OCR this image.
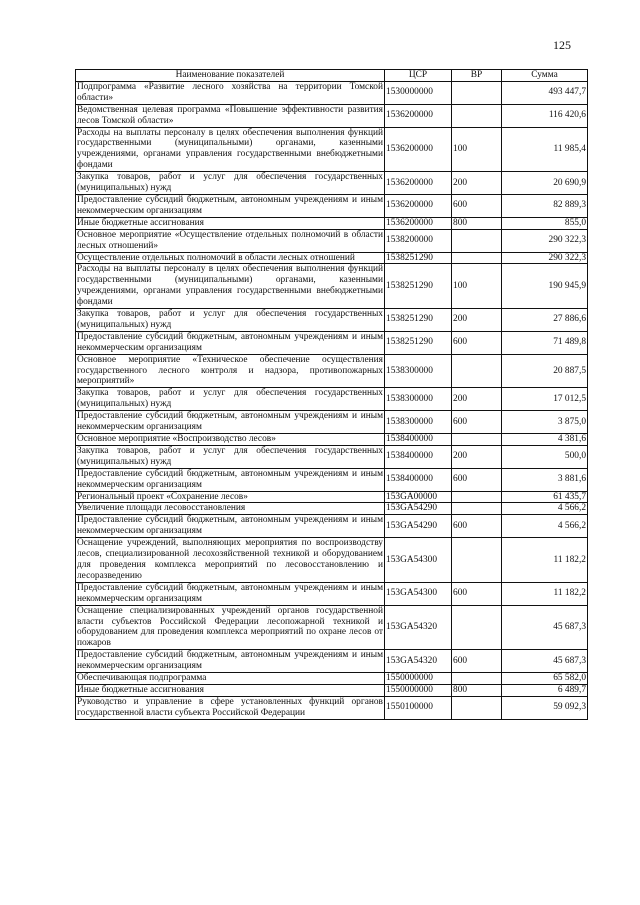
125
Наименование показателей	ЦСР	ВР	Сумма
Подпрограмма «Развитие лесного хозяйства на территории Томской области»	1530000000		493 447,7
Ведомственная целевая программа «Повышение эффективности развития лесов Томской области»	1536200000		116 420,6
Расходы на выплаты персоналу в целях обеспечения выполнения функций государственными (муниципальными) органами, казенными учреждениями, органами управления государственными внебюджетными фондами	1536200000	100	11 985,4
Закупка товаров, работ и услуг для обеспечения государственных (муниципальных) нужд	1536200000	200	20 690,9
Предоставление субсидий бюджетным, автономным учреждениям и иным некоммерческим организациям	1536200000	600	82 889,3
Иные бюджетные ассигнования	1536200000	800	855,0
Основное мероприятие «Осуществление отдельных полномочий в области лесных отношений»	1538200000		290 322,3
Осуществление отдельных полномочий в области лесных отношений	1538251290		290 322,3
Расходы на выплаты персоналу в целях обеспечения выполнения функций государственными (муниципальными) органами, казенными учреждениями, органами управления государственными внебюджетными фондами	1538251290	100	190 945,9
Закупка товаров, работ и услуг для обеспечения государственных (муниципальных) нужд	1538251290	200	27 886,6
Предоставление субсидий бюджетным, автономным учреждениям и иным некоммерческим организациям	1538251290	600	71 489,8
Основное мероприятие «Техническое обеспечение осуществления государственного лесного контроля и надзора, противопожарных мероприятий»	1538300000		20 887,5
Закупка товаров, работ и услуг для обеспечения государственных (муниципальных) нужд	1538300000	200	17 012,5
Предоставление субсидий бюджетным, автономным учреждениям и иным некоммерческим организациям	1538300000	600	3 875,0
Основное мероприятие «Воспроизводство лесов»	1538400000		4 381,6
Закупка товаров, работ и услуг для обеспечения государственных (муниципальных) нужд	1538400000	200	500,0
Предоставление субсидий бюджетным, автономным учреждениям и иным некоммерческим организациям	1538400000	600	3 881,6
Региональный проект «Сохранение лесов»	153GA00000		61 435,7
Увеличение площади лесовосстановления	153GA54290		4 566,2
Предоставление субсидий бюджетным, автономным учреждениям и иным некоммерческим организациям	153GA54290	600	4 566,2
Оснащение учреждений, выполняющих мероприятия по воспроизводству лесов, специализированной лесохозяйственной техникой и оборудованием для проведения комплекса мероприятий по лесовосстановлению и лесоразведению	153GA54300		11 182,2
Предоставление субсидий бюджетным, автономным учреждениям и иным некоммерческим организациям	153GA54300	600	11 182,2
Оснащение специализированных учреждений органов государственной власти субъектов Российской Федерации лесопожарной техникой и оборудованием для проведения комплекса мероприятий по охране лесов от пожаров	153GA54320		45 687,3
Предоставление субсидий бюджетным, автономным учреждениям и иным некоммерческим организациям	153GA54320	600	45 687,3
Обеспечивающая подпрограмма	1550000000		65 582,0
Иные бюджетные ассигнования	1550000000	800	6 489,7
Руководство и управление в сфере установленных функций органов государственной власти субъекта Российской Федерации	1550100000		59 092,3
